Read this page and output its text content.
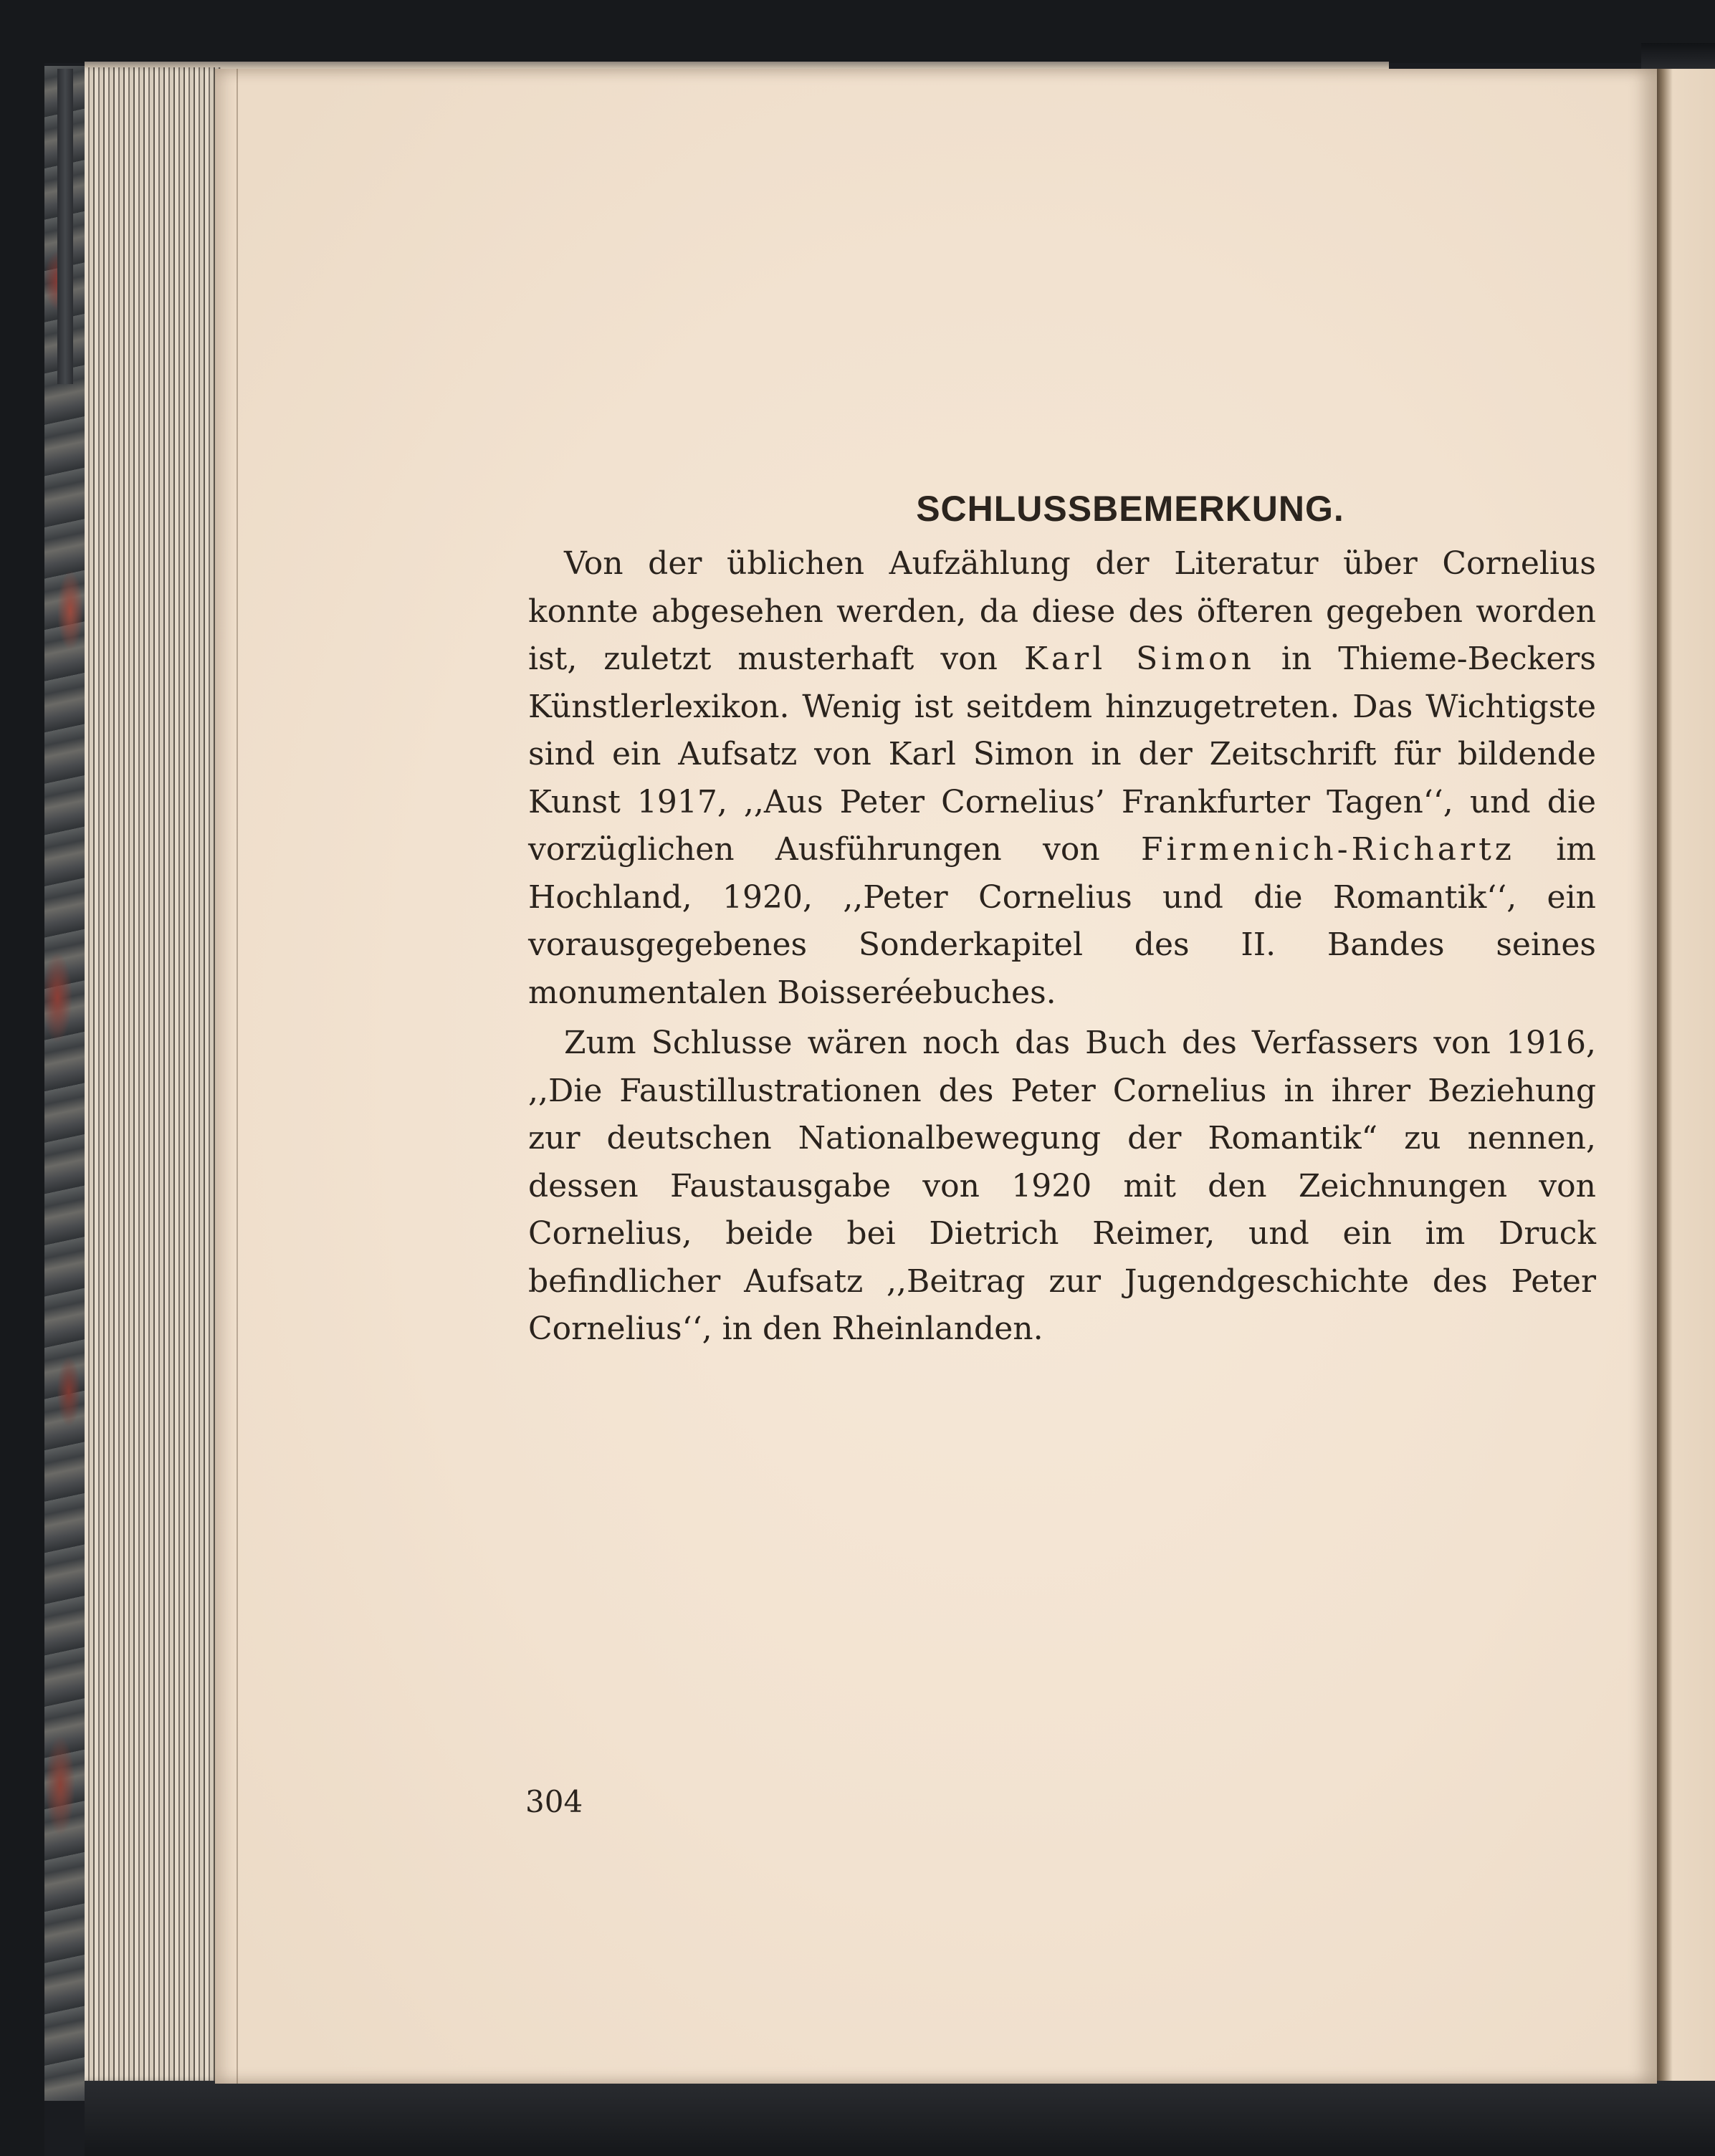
SCHLUSSBEMERKUNG.

Von der üblichen Aufzählung der Literatur über Cornelius konnte abgesehen werden, da diese des öfteren gegeben worden ist, zuletzt musterhaft von Karl Simon in Thieme-Beckers Künstlerlexikon. Wenig ist seitdem hinzugetreten. Das Wichtigste sind ein Aufsatz von Karl Simon in der Zeitschrift für bildende Kunst 1917, ,,Aus Peter Cornelius’ Frankfurter Tagen‘‘, und die vorzüglichen Ausführungen von Firmenich-Richartz im Hochland, 1920, ,,Peter Cornelius und die Romantik‘‘, ein vorausgegebenes Sonderkapitel des II. Bandes seines monumentalen Boisseréebuches.

Zum Schlusse wären noch das Buch des Verfassers von 1916, ,,Die Faustillustrationen des Peter Cornelius in ihrer Beziehung zur deutschen Nationalbewegung der Romantik“ zu nennen, dessen Faustausgabe von 1920 mit den Zeichnungen von Cornelius, beide bei Dietrich Reimer, und ein im Druck befindlicher Aufsatz ,,Beitrag zur Jugendgeschichte des Peter Cornelius‘‘, in den Rheinlanden.

304
